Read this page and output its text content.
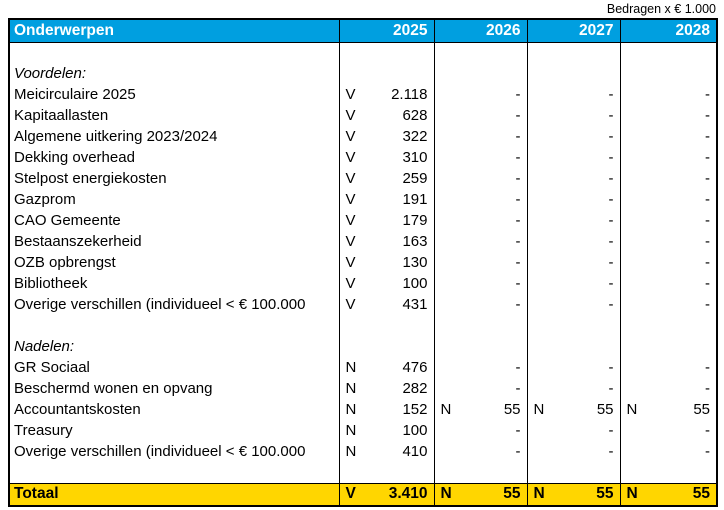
Bedragen x € 1.000
Onderwerpen	2025	2026	2027	2028

Voordelen:	

Meicirculaire 2025	V 2.118	-	-	-

Kapitaallasten	V 628	-	-	-

Algemene uitkering 2023/2024	V 322	-	-	-

Dekking overhead	V 310	-	-	-

Stelpost energiekosten	V 259	-	-	-

Gazprom	V 191	-	-	-

CAO Gemeente	V 179	-	-	-

Bestaanszekerheid	V 163	-	-	-

OZB opbrengst	V 130	-	-	-

Bibliotheek	V 100	-	-	-

Overige verschillen (individueel < € 100.000	V 431	-	-	-

Nadelen:	

GR Sociaal	N 476	-	-	-

Beschermd wonen en opvang	N 282	-	-	-

Accountantskosten	N 152	N 55	N 55	N 55

Treasury	N 100	-	-	-

Overige verschillen (individueel < € 100.000	N 410	-	-	-

Totaal	V 3.410	N 55	N 55	N 55
